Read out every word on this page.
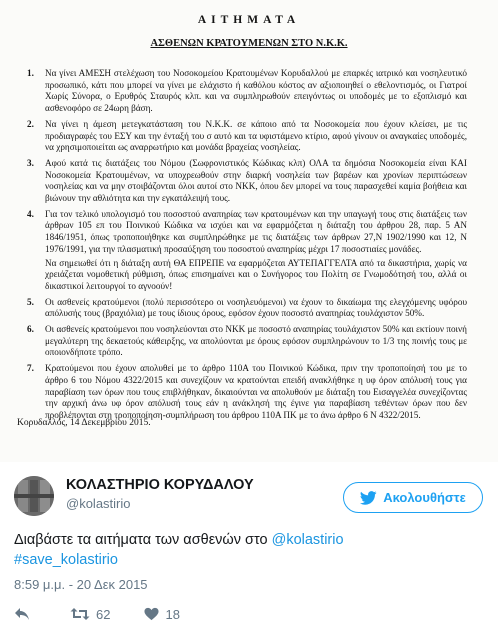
ΑΙΤΗΜΑΤΑ
ΑΣΘΕΝΩΝ ΚΡΑΤΟΥΜΕΝΩΝ ΣΤΟ Ν.Κ.Κ.
1. Να γίνει ΑΜΕΣΗ στελέχωση του Νοσοκομείου Κρατουμένων Κορυδαλλού με επαρκές ιατρικό και νοσηλευτικό προσωπικό, κάτι που μπορεί να γίνει με ελάχιστο ή καθόλου κόστος αν αξιοποιηθεί ο εθελοντισμός, οι Γιατροί Χωρίς Σύνορα, ο Ερυθρός Σταυρός κλπ. και να συμπληρωθούν επειγόντως οι υποδομές με το εξοπλισμό και ασθενοφόρο σε 24ωρη βάση.
2. Να γίνει η άμεση μετεγκατάσταση του Ν.Κ.Κ. σε κάποιο από τα Νοσοκομεία που έχουν κλείσει, με τις προδιαγραφές του ΕΣΥ και την ένταξή του σ αυτό και τα υφιστάμενο κτίριο, αφού γίνουν οι αναγκαίες υποδομές, να χρησιμοποιείται ως αναρρωτήριο και μονάδα βραχείας νοσηλείας.
3. Αφού κατά τις διατάξεις του Νόμου (Σωφρονιστικός Κώδικας κλπ) ΟΛΑ τα δημόσια Νοσοκομεία είναι ΚΑΙ Νοσοκομεία Κρατουμένων, να υποχρεωθούν στην διαρκή νοσηλεία των βαρέων και χρονίων περιπτώσεων νοσηλείας και να μην στοιβάζονται όλοι αυτοί στο ΝΚΚ, όπου δεν μπορεί να τους παρασχεθεί καμία βοήθεια και βιώνουν την αθλιότητα και την εγκατάλειψή τους.
4. Για τον τελικό υπολογισμό του ποσοστού αναπηρίας των κρατουμένων και την υπαγωγή τους στις διατάξεις των άρθρων 105 επ του Ποινικού Κώδικα να ισχύει και να εφαρμόζεται η διάταξη του άρθρου 28, παρ. 5 ΑΝ 1846/1951, όπως τροποποιήθηκε και συμπληρώθηκε με τις διατάξεις των άρθρων 27,Ν 1902/1990 και 12, Ν 1976/1991, για την πλασματική προσαύξηση του ποσοστού αναπηρίας μέχρι 17 ποσοστιαίες μονάδες.
Να σημειωθεί ότι η διάταξη αυτή ΘΑ ΕΠΡΕΠΕ να εφαρμόζεται ΑΥΤΕΠΑΓΓΕΛΤΑ από τα δικαστήρια, χωρίς να χρειάζεται νομοθετική ρύθμιση, όπως επισημαίνει και ο Συνήγορος του Πολίτη σε Γνωμοδότησή του, αλλά οι δικαστικοί λειτουργοί το αγνοούν!
5. Οι ασθενείς κρατούμενοι (πολύ περισσότερο οι νοσηλευόμενοι) να έχουν το δικαίωμα της ελεγχόμενης υφόρου απόλυσής τους (βραχιόλια) με τους ίδιους όρους, εφόσον έχουν ποσοστό αναπηρίας τουλάχιστον 50%.
6. Οι ασθενείς κρατούμενοι που νοσηλεύονται στο ΝΚΚ με ποσοστό αναπηρίας τουλάχιστον 50% και εκτίουν ποινή μεγαλύτερη της δεκαετούς κάθειρξης, να απολύονται με όρους εφόσον συμπληρώνουν το 1/3 της ποινής τους με οποιονδήποτε τρόπο.
7. Κρατούμενοι που έχουν απολυθεί με το άρθρο 110Α του Ποινικού Κώδικα, πριν την τροποποίησή του με το άρθρο 6 του Νόμου 4322/2015 και συνεχίζουν να κρατούνται επειδή ανακλήθηκε η υφ όρον απόλυσή τους για παραβίαση των όρων που τους επιβλήθηκαν, δικαιούνται να απολυθούν με διάταξη του Εισαγγελέα συνεχίζοντας την αρχική άνω υφ όρον απόλυσή τους εάν η ανάκλησή της έγινε για παραβίαση τεθέντων όρων που δεν προβλέπονται στη τροποποίηση-συμπλήρωση του άρθρου 110Α ΠΚ με το άνω άρθρο 6 Ν 4322/2015.
Κορυδαλλός, 14 Δεκεμβρίου 2015.
ΚΟΛΑΣΤΗΡΙΟ ΚΟΡΥΔΑΛΟΥ
@kolastirio	Ακολουθήστε
Διαβάστε τα αιτήματα των ασθενών στο @kolastirio
#save_kolastirio
8:59 μ.μ. - 20 Δεκ 2015
62	18
